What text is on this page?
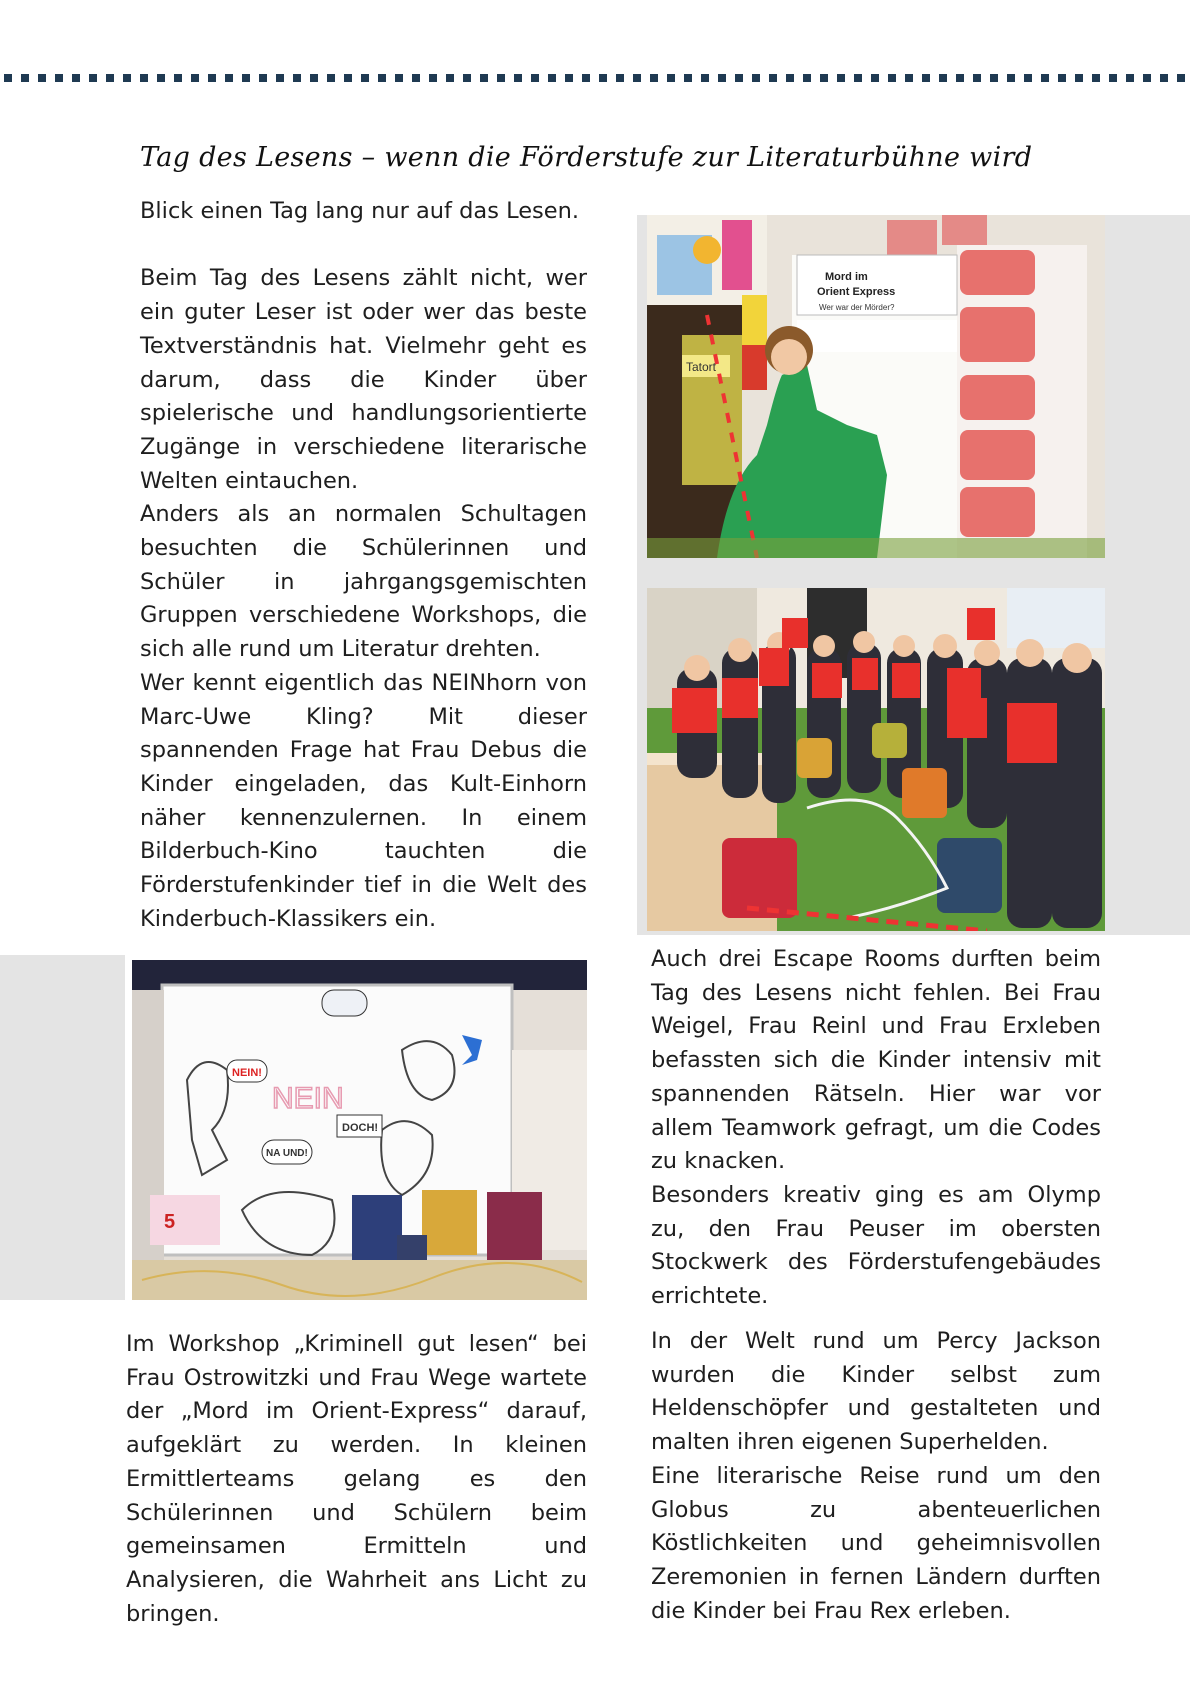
Tag des Lesens – wenn die Förderstufe zur Literaturbühne wird

Blick einen Tag lang nur auf das Lesen.

Beim Tag des Lesens zählt nicht, wer ein guter Leser ist oder wer das beste Textverständnis hat. Vielmehr geht es darum, dass die Kinder über spielerische und handlungsorientierte Zugänge in verschiedene literarische Welten eintauchen.

Anders als an normalen Schultagen besuchten die Schülerinnen und Schüler in jahrgangsgemischten Gruppen verschiedene Workshops, die sich alle rund um Literatur drehten.

Wer kennt eigentlich das NEINhorn von Marc-Uwe Kling? Mit dieser spannenden Frage hat Frau Debus die Kinder eingeladen, das Kult-Einhorn näher kennenzulernen. In einem Bilderbuch-Kino tauchten die Förderstufenkinder tief in die Welt des Kinderbuch-Klassikers ein.

Tatort
Mord im
Orient Express
Wer war der Mörder?
NEIN!
NEIN
DOCH!
NA UND!
5

Im Workshop „Kriminell gut lesen“ bei Frau Ostrowitzki und Frau Wege wartete der „Mord im Orient-Express“ darauf, aufgeklärt zu werden. In kleinen Ermittlerteams gelang es den Schülerinnen und Schülern beim gemeinsamen Ermitteln und Analysieren, die Wahrheit ans Licht zu bringen.

Auch drei Escape Rooms durften beim Tag des Lesens nicht fehlen. Bei Frau Weigel, Frau Reinl und Frau Erxleben befassten sich die Kinder intensiv mit spannenden Rätseln. Hier war vor allem Teamwork gefragt, um die Codes zu knacken.

Besonders kreativ ging es am Olymp zu, den Frau Peuser im obersten Stockwerk des Förderstufengebäudes errichtete.

In der Welt rund um Percy Jackson wurden die Kinder selbst zum Heldenschöpfer und gestalteten und malten ihren eigenen Superhelden.

Eine literarische Reise rund um den Globus zu abenteuerlichen Köstlichkeiten und geheimnisvollen Zeremonien in fernen Ländern durften die Kinder bei Frau Rex erleben.
